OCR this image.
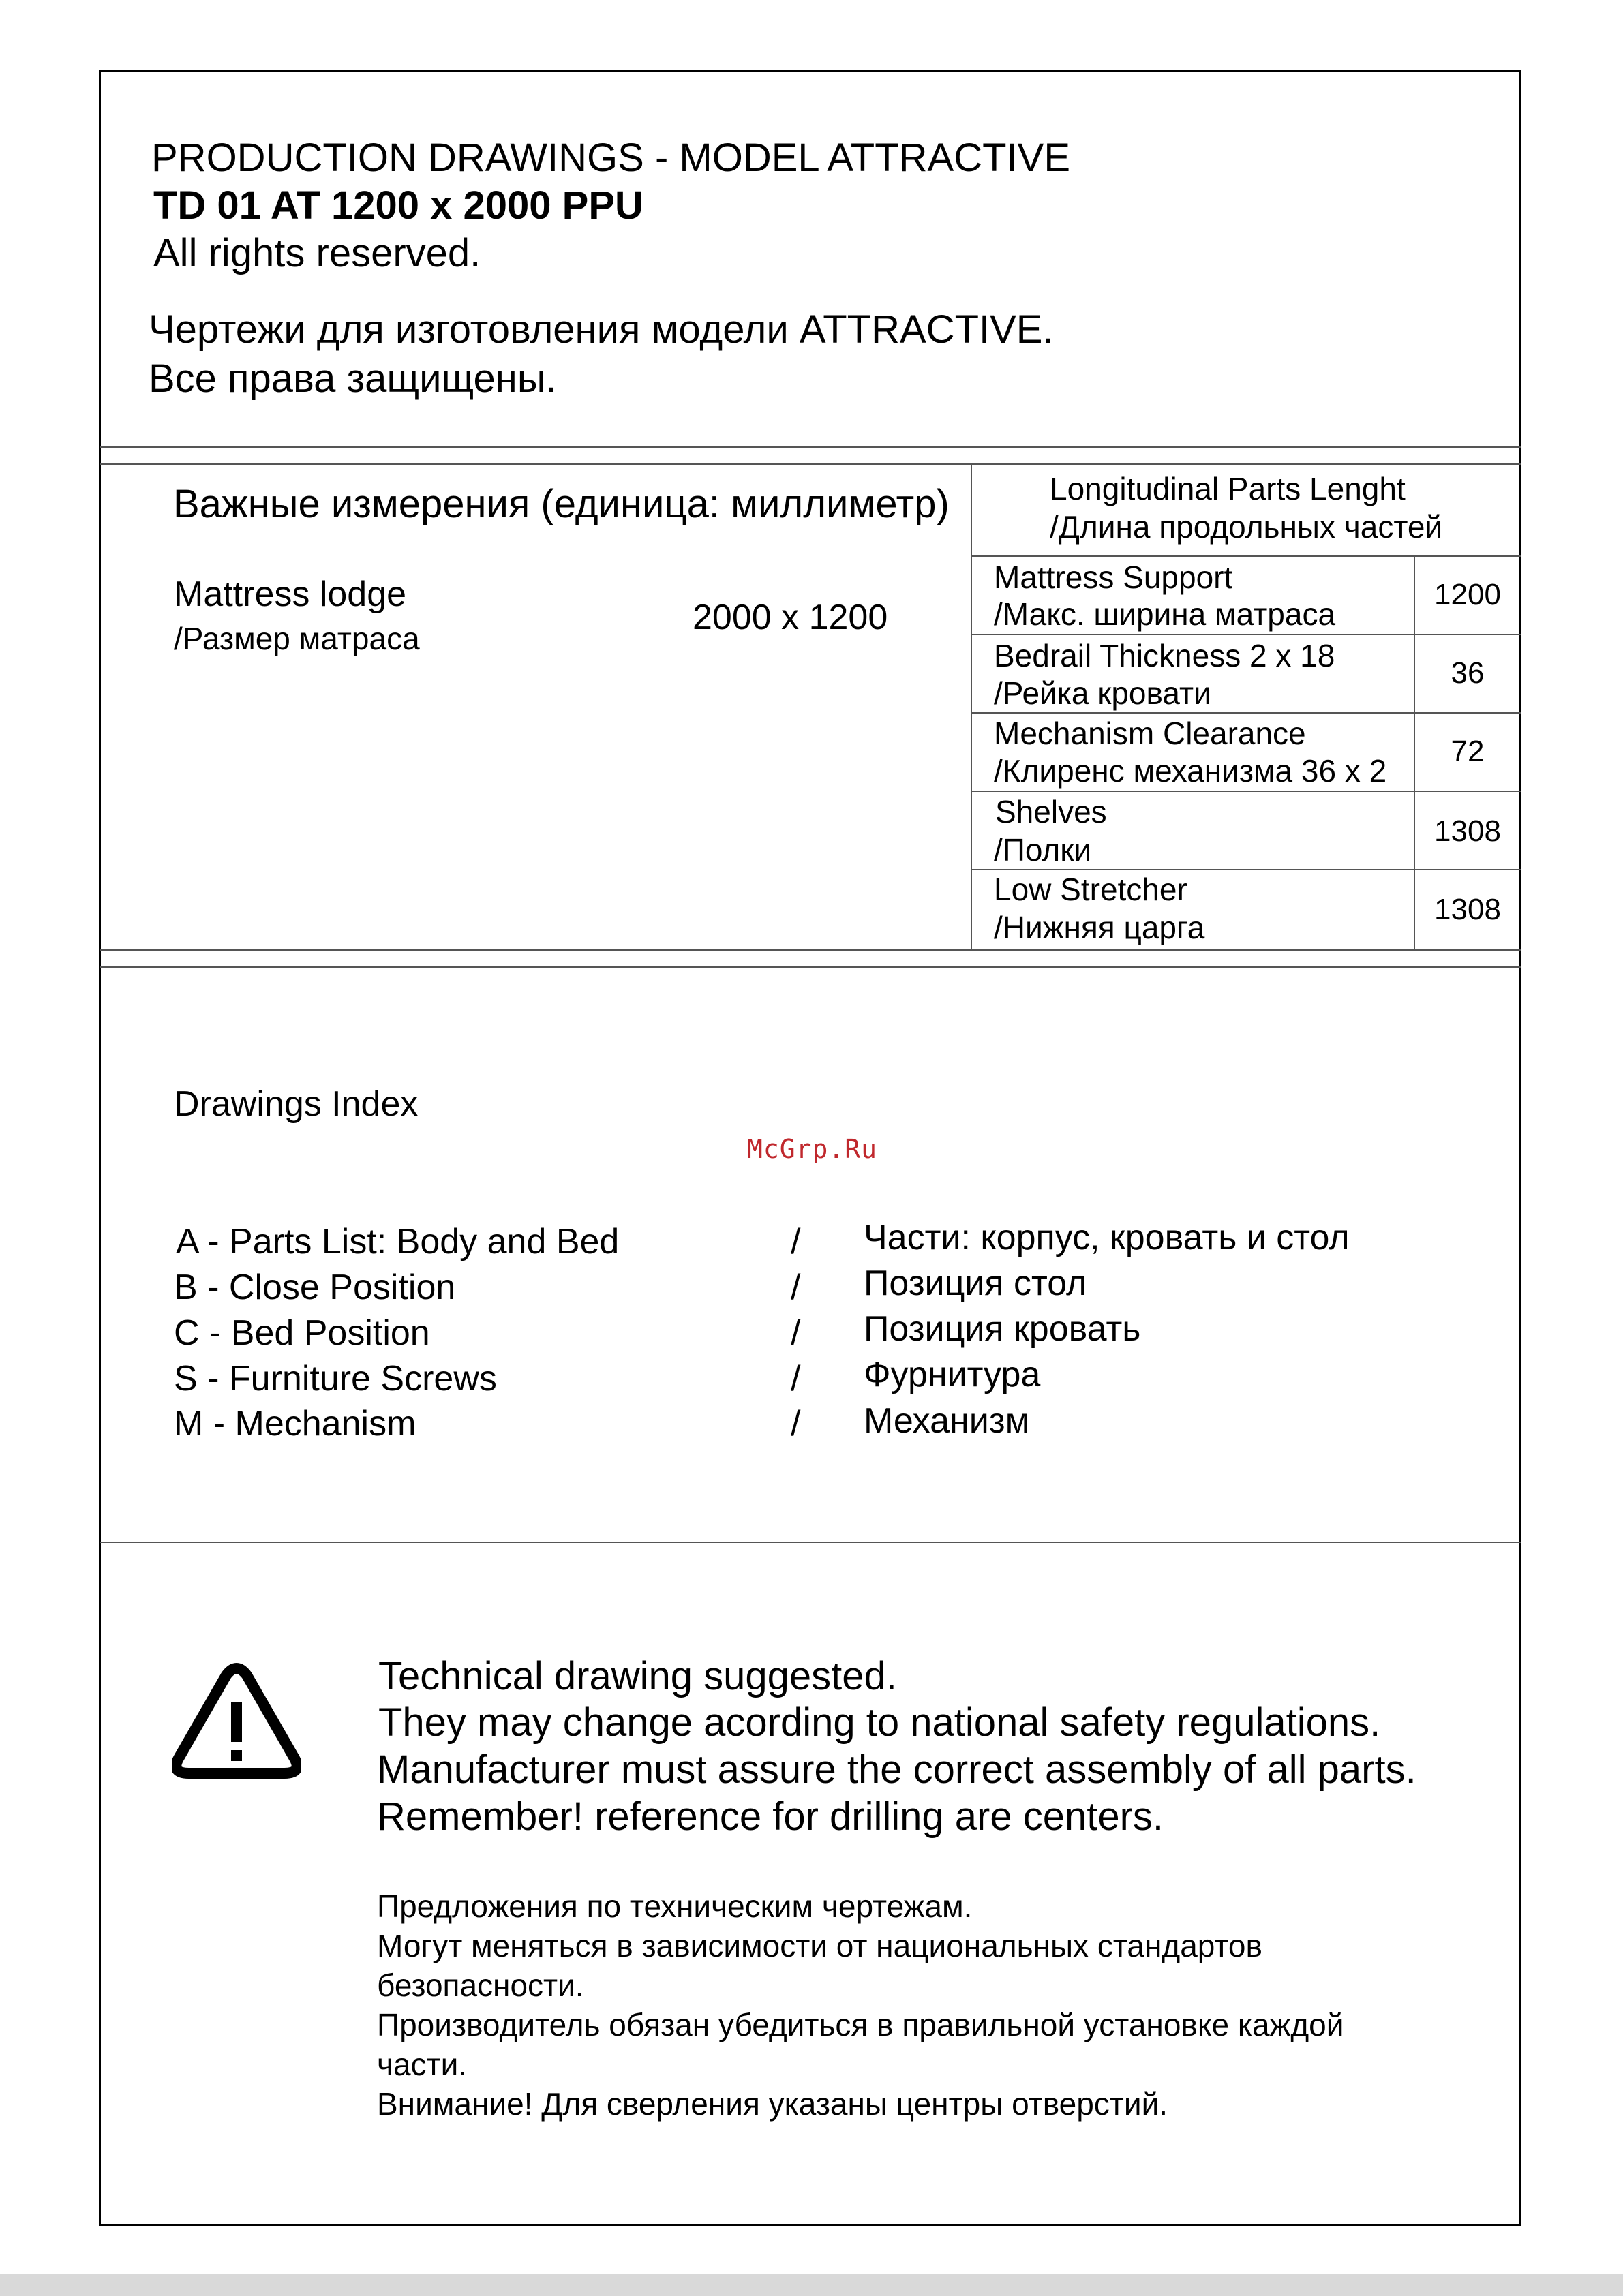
PRODUCTION DRAWINGS - MODEL ATTRACTIVE
TD 01 AT 1200 x 2000 PPU
All rights reserved.
Чертежи для изготовления модели ATTRACTIVE.
Все права защищены.
Важные измерения (единица: миллиметр)
Mattress lodge
/Размер матраса
2000 x 1200
Longitudinal Parts Lenght
/Длина продольных частей
Mattress Support
/Макс. ширина матраса
1200
Bedrail Thickness 2 x 18
/Рейка кровати
36
Mechanism Clearance
/Клиренс механизма 36 x 2
72
Shelves
/Полки
1308
Low Stretcher
/Нижняя царга
1308
Drawings Index
McGrp.Ru
A - Parts List: Body and Bed	/ Части: корпус, кровать и стол
B - Close Position	/ Позиция стол
C - Bed Position	/ Позиция кровать
S - Furniture Screws	/ Фурнитура
M - Mechanism	/ Механизм
Technical drawing suggested.
They may change acording to national safety regulations.
Manufacturer must assure the correct assembly of all parts.
Remember! reference for drilling are centers.
Предложения по техническим чертежам.
Могут меняться в зависимости от национальных стандартов
безопасности.
Производитель обязан убедиться в правильной установке каждой
части.
Внимание! Для сверления указаны центры отверстий.
